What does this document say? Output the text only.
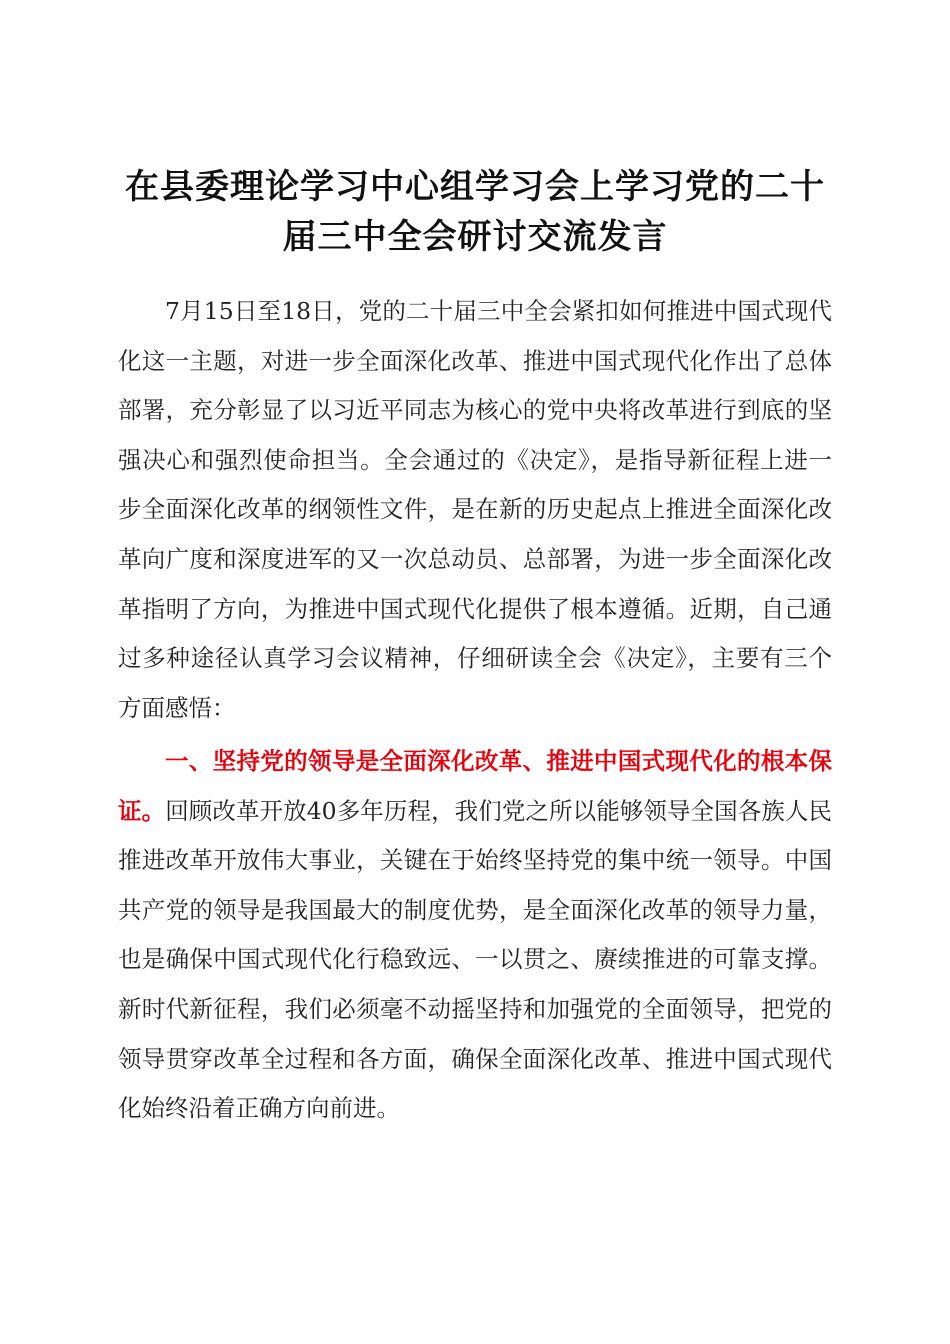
在县委理论学习中心组学习会上学习党的二十
届三中全会研讨交流发言

7月15日至18日，党的二十届三中全会紧扣如何推进中国式现代化这一主题，对进一步全面深化改革、推进中国式现代化作出了总体部署，充分彰显了以习近平同志为核心的党中央将改革进行到底的坚强决心和强烈使命担当。全会通过的《决定》，是指导新征程上进一步全面深化改革的纲领性文件，是在新的历史起点上推进全面深化改革向广度和深度进军的又一次总动员、总部署，为进一步全面深化改革指明了方向，为推进中国式现代化提供了根本遵循。近期，自己通过多种途径认真学习会议精神，仔细研读全会《决定》，主要有三个方面感悟：

一、坚持党的领导是全面深化改革、推进中国式现代化的根本保证。回顾改革开放40多年历程，我们党之所以能够领导全国各族人民推进改革开放伟大事业，关键在于始终坚持党的集中统一领导。中国共产党的领导是我国最大的制度优势，是全面深化改革的领导力量，也是确保中国式现代化行稳致远、一以贯之、赓续推进的可靠支撑。新时代新征程，我们必须毫不动摇坚持和加强党的全面领导，把党的领导贯穿改革全过程和各方面，确保全面深化改革、推进中国式现代化始终沿着正确方向前进。
